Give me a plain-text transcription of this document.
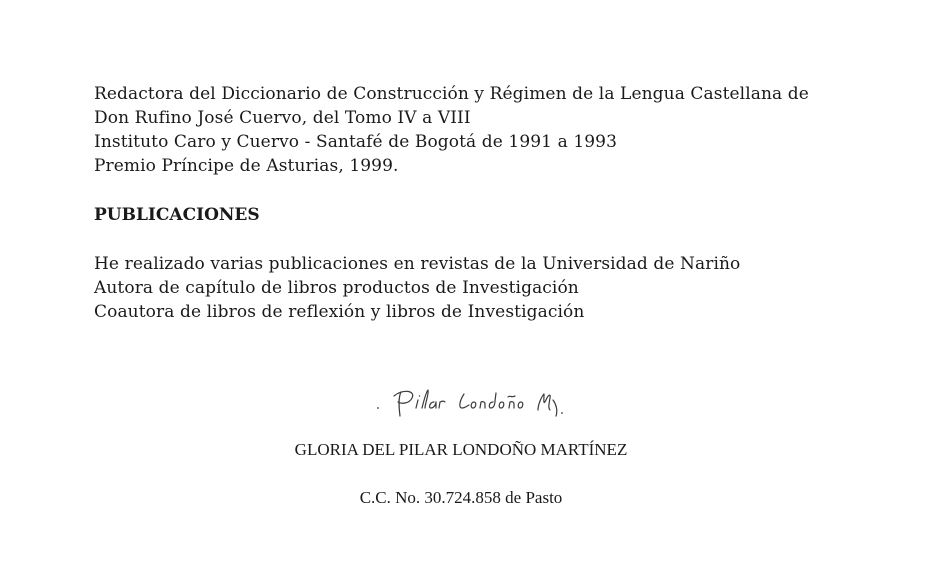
Redactora del Diccionario de Construcción y Régimen de la Lengua Castellana de

Don Rufino José Cuervo, del Tomo IV a VIII

Instituto Caro y Cuervo - Santafé de Bogotá de 1991 a 1993

Premio Príncipe de Asturias, 1999.

PUBLICACIONES

He realizado varias publicaciones en revistas de la Universidad de Nariño

Autora de capítulo de libros productos de Investigación

Coautora de libros de reflexión y libros de Investigación

GLORIA DEL PILAR LONDOÑO MARTÍNEZ
C.C. No. 30.724.858 de Pasto
